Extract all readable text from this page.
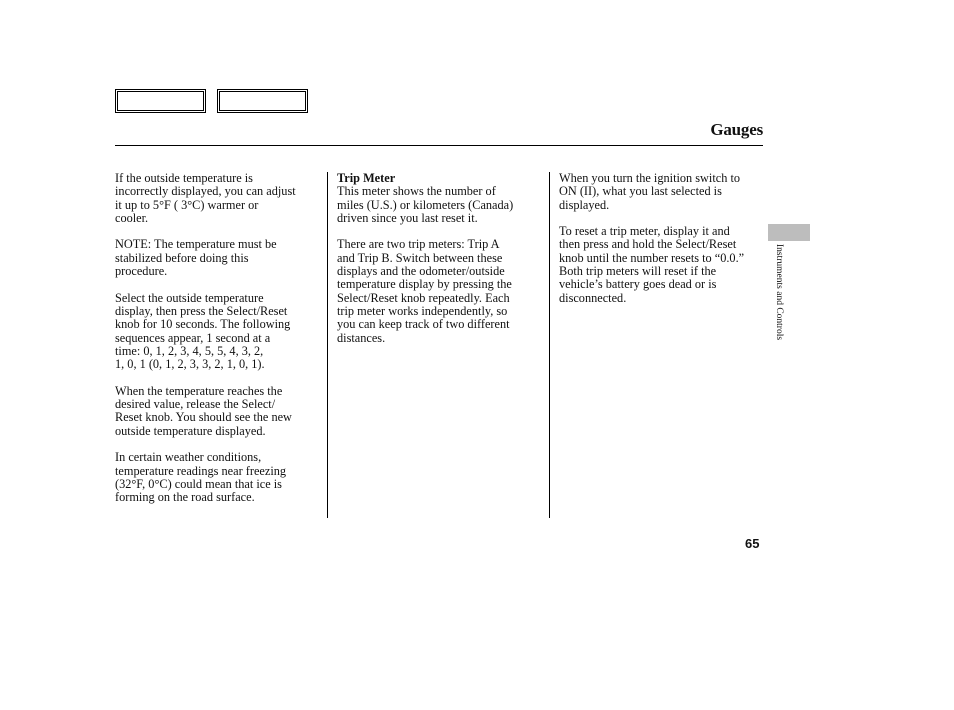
Gauges

If the outside temperature is
incorrectly displayed, you can adjust
it up to 5°F ( 3°C) warmer or
cooler.

NOTE: The temperature must be
stabilized before doing this
procedure.

Select the outside temperature
display, then press the Select/Reset
knob for 10 seconds. The following
sequences appear, 1 second at a
time: 0, 1, 2, 3, 4, 5, 5, 4, 3, 2,
1, 0, 1 (0, 1, 2, 3, 3, 2, 1, 0, 1).

When the temperature reaches the
desired value, release the Select/
Reset knob. You should see the new
outside temperature displayed.

In certain weather conditions,
temperature readings near freezing
(32°F, 0°C) could mean that ice is
forming on the road surface.

Trip Meter

This meter shows the number of
miles (U.S.) or kilometers (Canada)
driven since you last reset it.

There are two trip meters: Trip A
and Trip B. Switch between these
displays and the odometer/outside
temperature display by pressing the
Select/Reset knob repeatedly. Each
trip meter works independently, so
you can keep track of two different
distances.

When you turn the ignition switch to
ON (II), what you last selected is
displayed.

To reset a trip meter, display it and
then press and hold the Select/Reset
knob until the number resets to “0.0.”
Both trip meters will reset if the
vehicle’s battery goes dead or is
disconnected.	Instruments and Controls
65
